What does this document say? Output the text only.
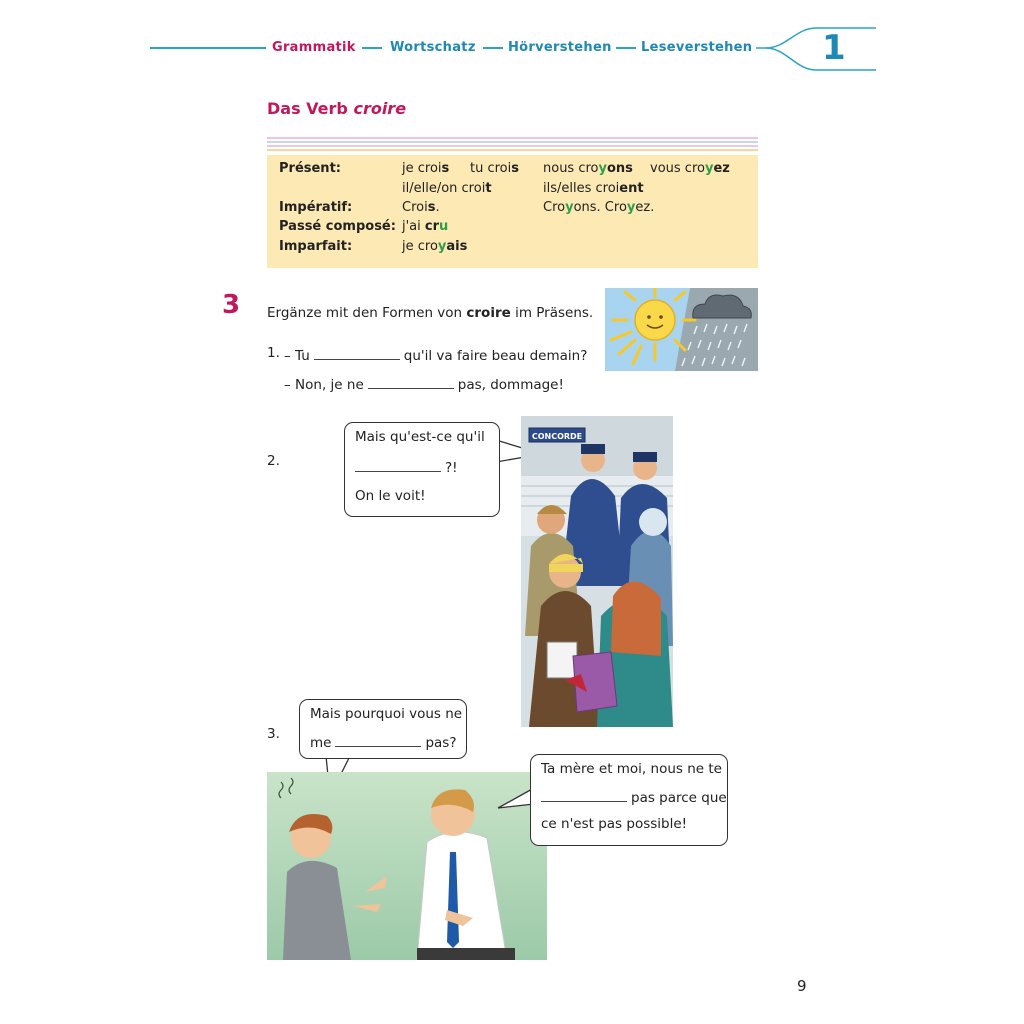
Grammatik	Wortschatz Hörverstehen Leseverstehen 1
Das Verb croire
Présent:	je crois tu crois nous croyons vous croyez
il/elle/on croit	ils/elles croient
Impératif:	Crois.	Croyons. Croyez.
Passé composé: j'ai cru
Imparfait:	je croyais
3 Ergänze mit den Formen von croire im Präsens.
1. – Tu	qu'il va faire beau demain?
– Non, je ne	pas, dommage!
2.
Mais qu'est-ce qu'il
?!
On le voit!
CONCORDE
3.
Mais pourquoi vous ne
me	pas?
Ta mère et moi, nous ne te
pas parce que
ce n'est pas possible!
9
